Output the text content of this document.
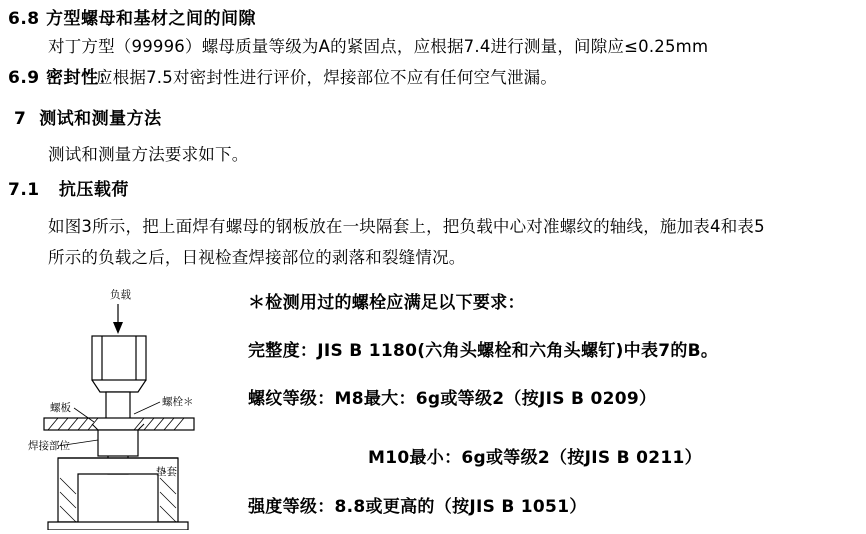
6.8 方型螺母和基材之间的间隙
对丁方型（99996）螺母质量等级为A的紧固点，应根据7.4进行测量，间隙应≤0.25mm
6.9 密封性：
应根据7.5对密封性进行评价，焊接部位不应有任何空气泄漏。
7 测试和测量方法
测试和测量方法要求如下。
7.1 抗压载荷
如图3所示，把上面焊有螺母的钢板放在一块隔套上，把负载中心对准螺纹的轴线，施加表4和表5
所示的负载之后，日视检查焊接部位的剥落和裂缝情况。
＊检测用过的螺栓应满足以下要求：
完整度：JIS B 1180(六角头螺栓和六角头螺钉)中表7的B。
螺纹等级：M8最大：6g或等级2（按JIS B 0209）
M10最小：6g或等级2（按JIS B 0211）
强度等级：8.8或更高的（按JIS B 1051）
负载
螺板	螺栓＊
焊接部位
垫套
